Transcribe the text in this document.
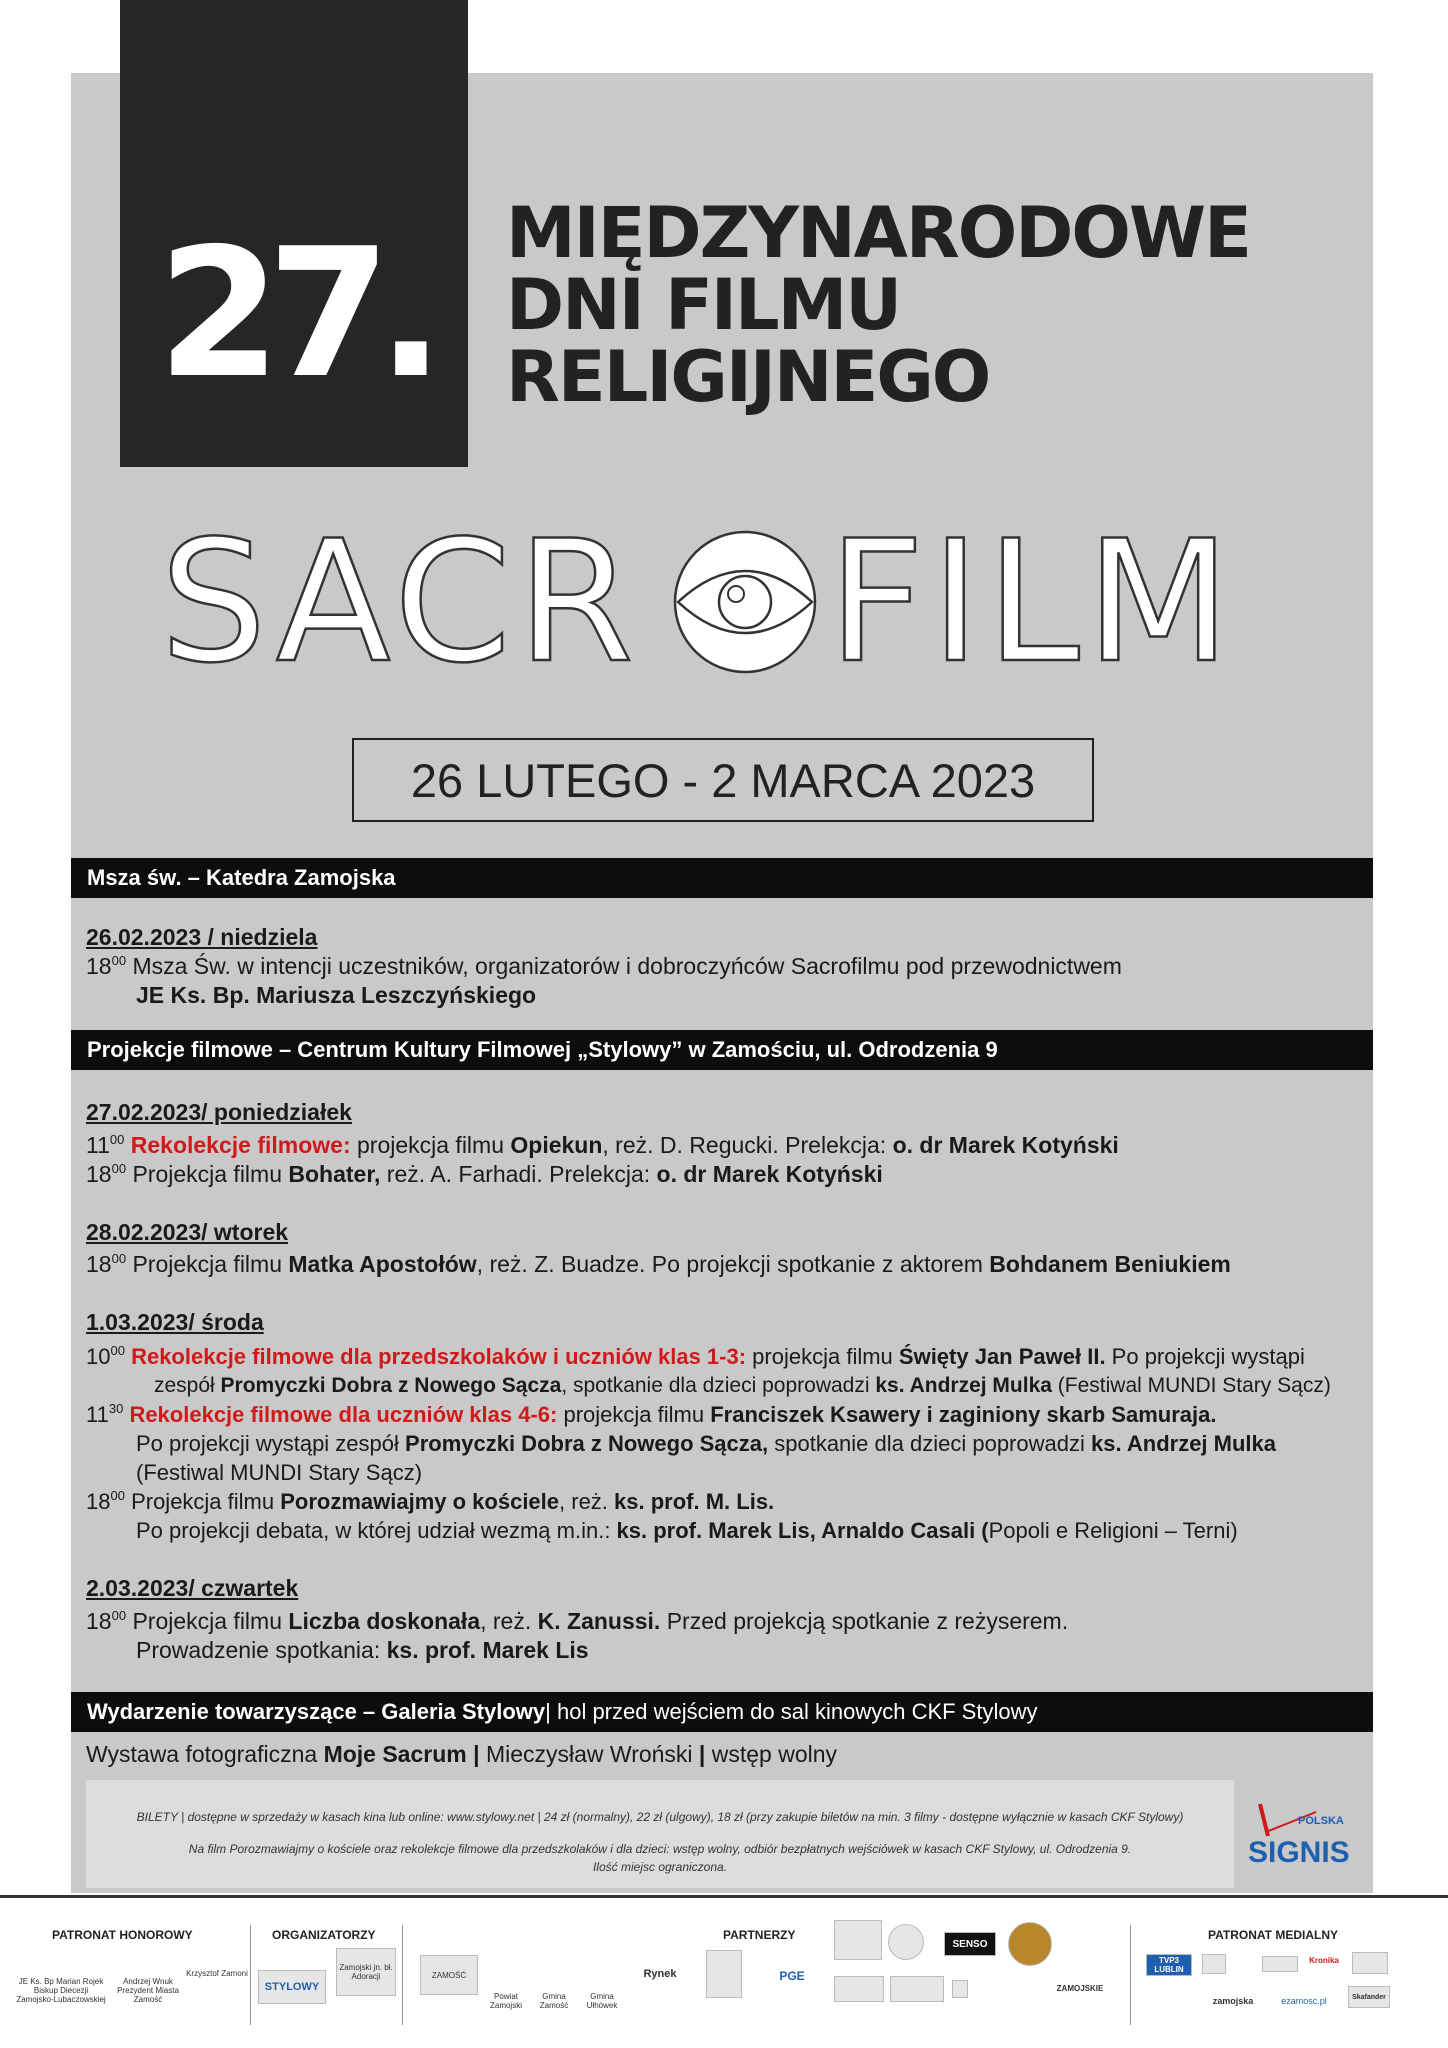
27. MIĘDZYNARODOWE
DNI FILMU
RELIGIJNEGO
SACR FILM
26 LUTEGO - 2 MARCA 2023
Msza św. – Katedra Zamojska
26.02.2023 / niedziela
$18^{00}$ Msza Św. w intencji uczestników, organizatorów i dobroczyńców Sacrofilmu pod przewodnictwem
JE Ks. Bp. Mariusza Leszczyńskiego
Projekcje filmowe – Centrum Kultury Filmowej „Stylowy” w Zamościu, ul. Odrodzenia 9
27.02.2023/ poniedziałek
$11^{00}$ Rekolekcje filmowe: projekcja filmu Opiekun, reż. D. Regucki. Prelekcja: o. dr Marek Kotyński
$18^{00}$ Projekcja filmu Bohater, reż. A. Farhadi. Prelekcja: o. dr Marek Kotyński
28.02.2023/ wtorek
$18^{00}$ Projekcja filmu Matka Apostołów, reż. Z. Buadze. Po projekcji spotkanie z aktorem Bohdanem Beniukiem
1.03.2023/ środa
$10^{00}$ Rekolekcje filmowe dla przedszkolaków i uczniów klas 1-3: projekcja filmu Święty Jan Paweł II. Po projekcji wystąpi
zespół Promyczki Dobra z Nowego Sącza, spotkanie dla dzieci poprowadzi ks. Andrzej Mulka (Festiwal MUNDI Stary Sącz)
$11^{30}$ Rekolekcje filmowe dla uczniów klas 4-6: projekcja filmu Franciszek Ksawery i zaginiony skarb Samuraja.
Po projekcji wystąpi zespół Promyczki Dobra z Nowego Sącza, spotkanie dla dzieci poprowadzi ks. Andrzej Mulka
(Festiwal MUNDI Stary Sącz)
$18^{00}$ Projekcja filmu Porozmawiajmy o kościele, reż. ks. prof. M. Lis.
Po projekcji debata, w której udział wezmą m.in.: ks. prof. Marek Lis, Arnaldo Casali (Popoli e Religioni – Terni)
2.03.2023/ czwartek
$18^{00}$ Projekcja filmu Liczba doskonała, reż. K. Zanussi. Przed projekcją spotkanie z reżyserem.
Prowadzenie spotkania: ks. prof. Marek Lis
Wydarzenie towarzyszące – Galeria Stylowy | hol przed wejściem do sal kinowych CKF Stylowy
Wystawa fotograficzna Moje Sacrum | Mieczysław Wroński | wstęp wolny
BILETY | dostępne w sprzedaży w kasach kina lub online: www.stylowy.net | 24 zł (normalny), 22 zł (ulgowy), 18 zł (przy zakupie biletów na min. 3 filmy - dostępne wyłącznie w kasach CKF Stylowy)
Na film Porozmawiajmy o kościele oraz rekolekcje filmowe dla przedszkolaków i dla dzieci: wstęp wolny, odbiór bezpłatnych wejściówek w kasach CKF Stylowy, ul. Odrodzenia 9.
Ilość miejsc ograniczona.
POLSKA
SIGNIS
PATRONAT HONOROWY	ORGANIZATORZY	PARTNERZY	PATRONAT MEDIALNY
JE Ks. Bp Marian Rojek Biskup Diecezji Zamojsko-Lubaczowskiej
Andrzej Wnuk Prezydent Miasta Zamość
Krzysztof Zamoni
STYLOWY
Zamojski jn. bł. Adoracji	ZAMOŚĆ
Powiat Zamojski
Gmina Zamość
Gmina Ułhówek
Rynek	PGE
SENSO
ZAMOJSKIE
TVP3 LUBLIN
Kronika
zamojska	ezamosc.pl	Skafander
